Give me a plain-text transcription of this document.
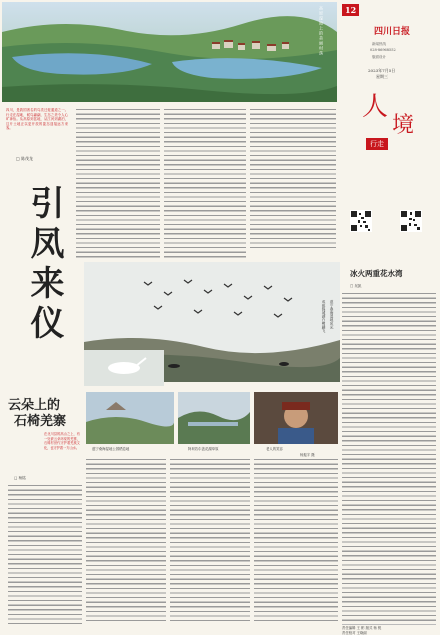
高原湿地上的美丽村落	12
四川日报
新闻热线
028-86968552
版面设计
2023年7月5日
星期三
人
境
行走
四川，是我国著名的鸟类迁徙通道之一。行走在湿地，候鸟翩翩，生态之美令人心旷神怡。从高原到盆地，从江河到湖泊，这片土地正以更开放的姿态迎接远方来客。
□ 陈茂龙
引凤来仪	冰火两重花水湾
□ 吴凯
遂宁桑海湿地风光
成都锦城湖白鹭翩飞
云朵上的
石椅羌寨
在北川县的高山之上，有一处被云朵环绕的羌寨，石椅村世代守护着羌族文化，也守护着一方山水。
□ 杨铭
遂宁桑海湿地公园栖息地	阿坝若尔盖花湖草原	老人的笑容
杨振宇 摄
责任编辑 王 彬 版式 杨 锐
责任校对 王晓丽
